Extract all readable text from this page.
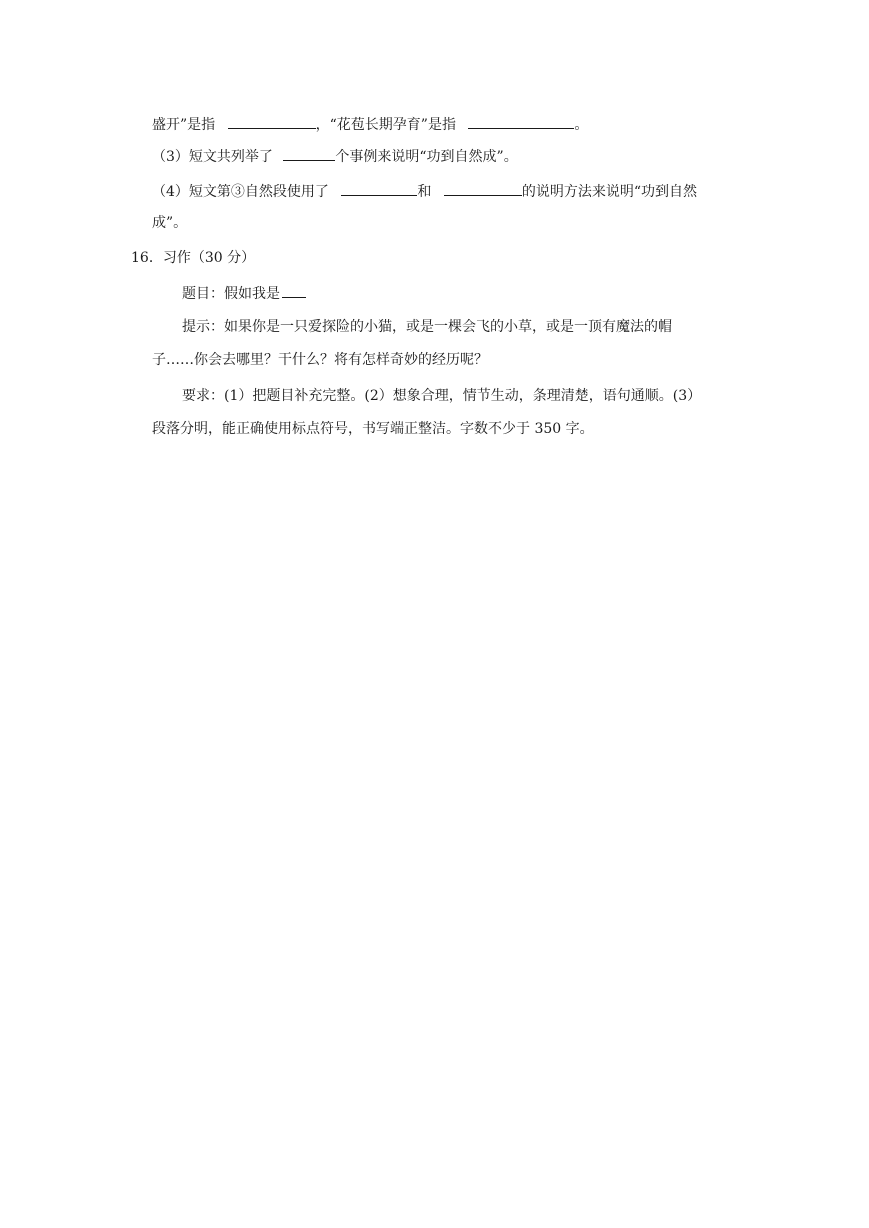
盛开”是指	，“花苞长期孕育”是指	。
（3）短文共列举了	个事例来说明“功到自然成”。
（4）短文第③自然段使用了	和	的说明方法来说明“功到自然
成”。
16．习作（30 分）
题目：假如我是
提示：如果你是一只爱探险的小猫，或是一棵会飞的小草，或是一顶有魔法的帽
子……你会去哪里？干什么？将有怎样奇妙的经历呢？
要求：(1）把题目补充完整。(2）想象合理，情节生动，条理清楚，语句通顺。(3）
段落分明，能正确使用标点符号，书写端正整洁。字数不少于 350 字。
